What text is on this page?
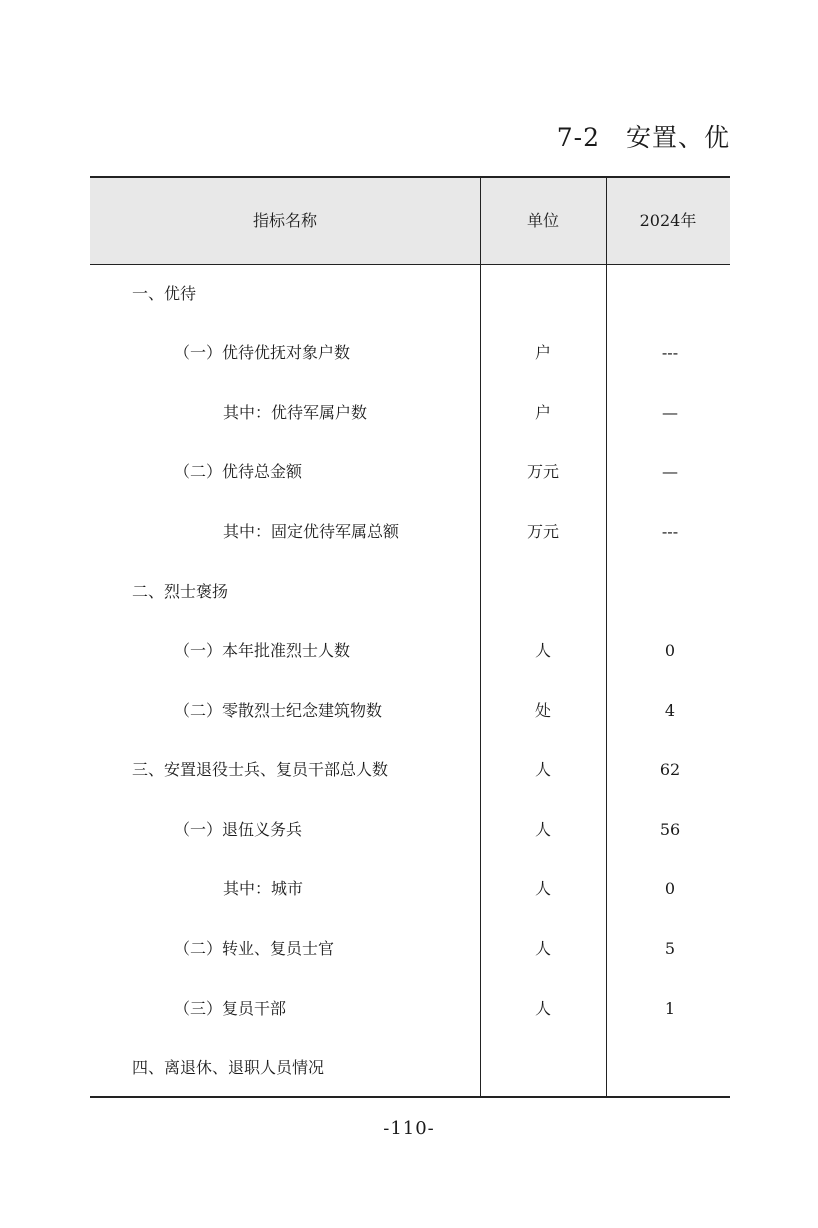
7-2 安置、优
指标名称	单位	2024年
一、优待
（一）优待优抚对象户数	户	---
其中：优待军属户数	户	—
（二）优待总金额	万元	—
其中：固定优待军属总额	万元	---
二、烈士褒扬
（一）本年批准烈士人数	人	0
（二）零散烈士纪念建筑物数	处	4
三、安置退役士兵、复员干部总人数	人	62
（一）退伍义务兵	人	56
其中：城市	人	0
（二）转业、复员士官	人	5
（三）复员干部	人	1
四、离退休、退职人员情况
-110-
